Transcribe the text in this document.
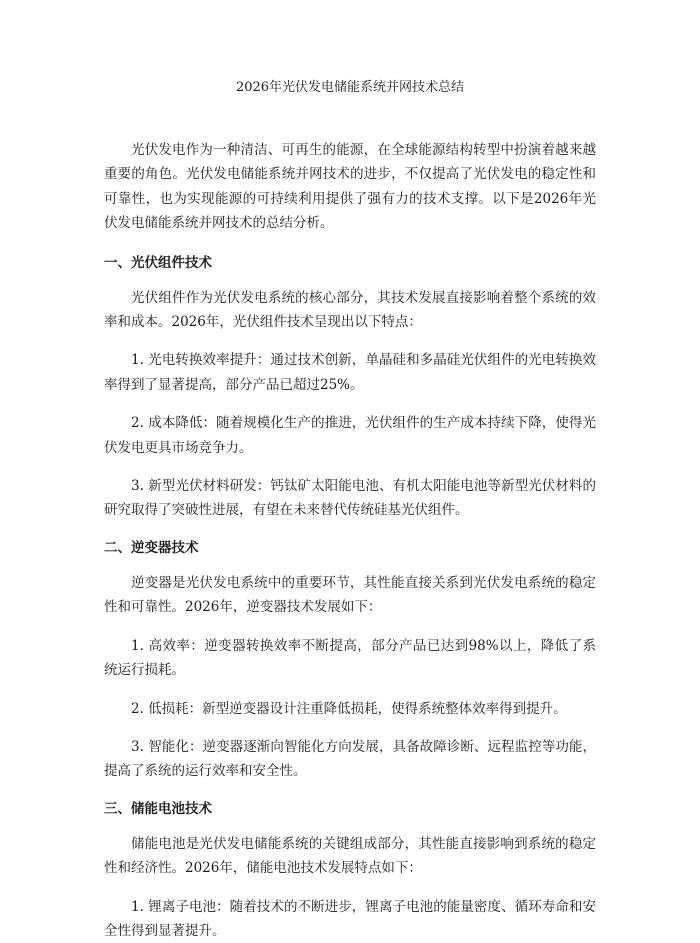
2026年光伏发电储能系统并网技术总结

光伏发电作为一种清洁、可再生的能源，在全球能源结构转型中扮演着越来越重要的角色。光伏发电储能系统并网技术的进步，不仅提高了光伏发电的稳定性和可靠性，也为实现能源的可持续利用提供了强有力的技术支撑。以下是2026年光伏发电储能系统并网技术的总结分析。

一、光伏组件技术

光伏组件作为光伏发电系统的核心部分，其技术发展直接影响着整个系统的效率和成本。2026年，光伏组件技术呈现出以下特点：

1. 光电转换效率提升：通过技术创新，单晶硅和多晶硅光伏组件的光电转换效率得到了显著提高，部分产品已超过25%。

2. 成本降低：随着规模化生产的推进，光伏组件的生产成本持续下降，使得光伏发电更具市场竞争力。

3. 新型光伏材料研发：钙钛矿太阳能电池、有机太阳能电池等新型光伏材料的研究取得了突破性进展，有望在未来替代传统硅基光伏组件。

二、逆变器技术

逆变器是光伏发电系统中的重要环节，其性能直接关系到光伏发电系统的稳定性和可靠性。2026年，逆变器技术发展如下：

1. 高效率：逆变器转换效率不断提高，部分产品已达到98%以上，降低了系统运行损耗。

2. 低损耗：新型逆变器设计注重降低损耗，使得系统整体效率得到提升。

3. 智能化：逆变器逐渐向智能化方向发展，具备故障诊断、远程监控等功能，提高了系统的运行效率和安全性。

三、储能电池技术

储能电池是光伏发电储能系统的关键组成部分，其性能直接影响到系统的稳定性和经济性。2026年，储能电池技术发展特点如下：

1. 锂离子电池：随着技术的不断进步，锂离子电池的能量密度、循环寿命和安全性得到显著提升。
